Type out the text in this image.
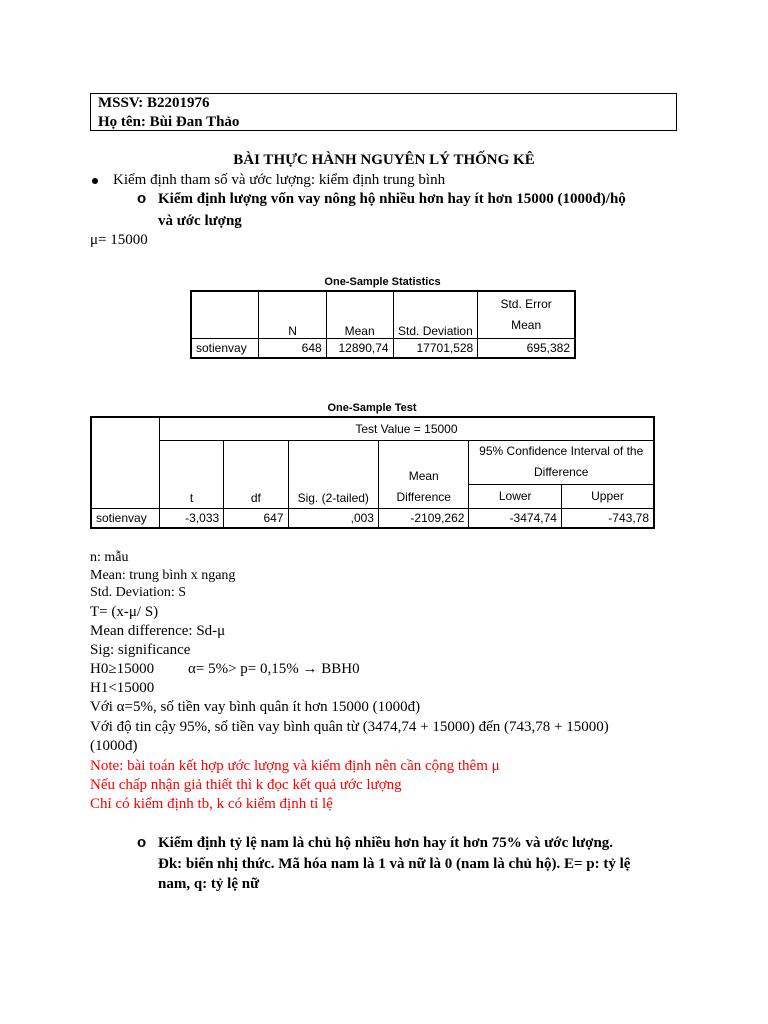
MSSV: B2201976
Họ tên: Bùi Đan Thảo
BÀI THỰC HÀNH NGUYÊN LÝ THỐNG KÊ
Kiểm định tham số và ước lượng: kiểm định trung bình
o Kiểm định lượng vốn vay nông hộ nhiều hơn hay ít hơn 15000 (1000đ)/hộ
và ước lượng
μ= 15000
One-Sample Statistics
	N	Mean	Std. Deviation	Std. Error
Mean
sotienvay	648	12890,74	17701,528	695,382
One-Sample Test
	Test Value = 15000					
	t	df	Sig. (2-tailed)	Mean
Difference	95% Confidence Interval of the
Difference	
					Lower	Upper
sotienvay	-3,033	647	,003	-2109,262	-3474,74	-743,78
n: mẫu
Mean: trung bình x ngang
Std. Deviation: S
T= (x-μ/ S)
Mean difference: Sd-μ
Sig: significance
H0≥15000 α= 5%> p= 0,15% → BBH0
H1<15000
Với α=5%, số tiền vay bình quân ít hơn 15000 (1000đ)
Với độ tin cậy 95%, số tiền vay bình quân từ (3474,74 + 15000) đến (743,78 + 15000)
(1000đ)
Note: bài toán kết hợp ước lượng và kiểm định nên cần cộng thêm μ
Nếu chấp nhận giả thiết thì k đọc kết quả ước lượng
Chỉ có kiểm định tb, k có kiểm định tỉ lệ
o Kiểm định tỷ lệ nam là chủ hộ nhiều hơn hay ít hơn 75% và ước lượng.
Đk: biến nhị thức. Mã hóa nam là 1 và nữ là 0 (nam là chủ hộ). E= p: tỷ lệ
nam, q: tỷ lệ nữ
